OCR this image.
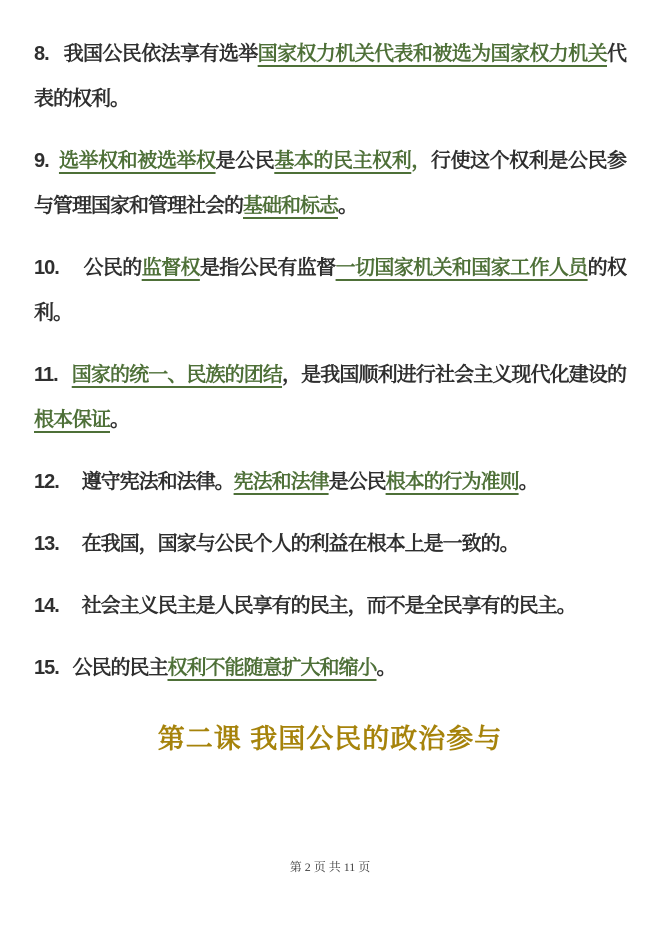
8.   我国公民依法享有选举国家权力机关代表和被选为国家权力机关代表的权利。

9.  选举权和被选举权是公民基本的民主权利，行使这个权利是公民参与管理国家和管理社会的基础和标志。

10.     公民的监督权是指公民有监督一切国家机关和国家工作人员的权利。

11.   国家的统一、民族的团结，是我国顺利进行社会主义现代化建设的根本保证。

12.     遵守宪法和法律。宪法和法律是公民根本的行为准则。

13.     在我国，国家与公民个人的利益在根本上是一致的。

14.     社会主义民主是人民享有的民主，而不是全民享有的民主。

15.   公民的民主权利不能随意扩大和缩小。

第二课 我国公民的政治参与
第 2 页 共 11 页
